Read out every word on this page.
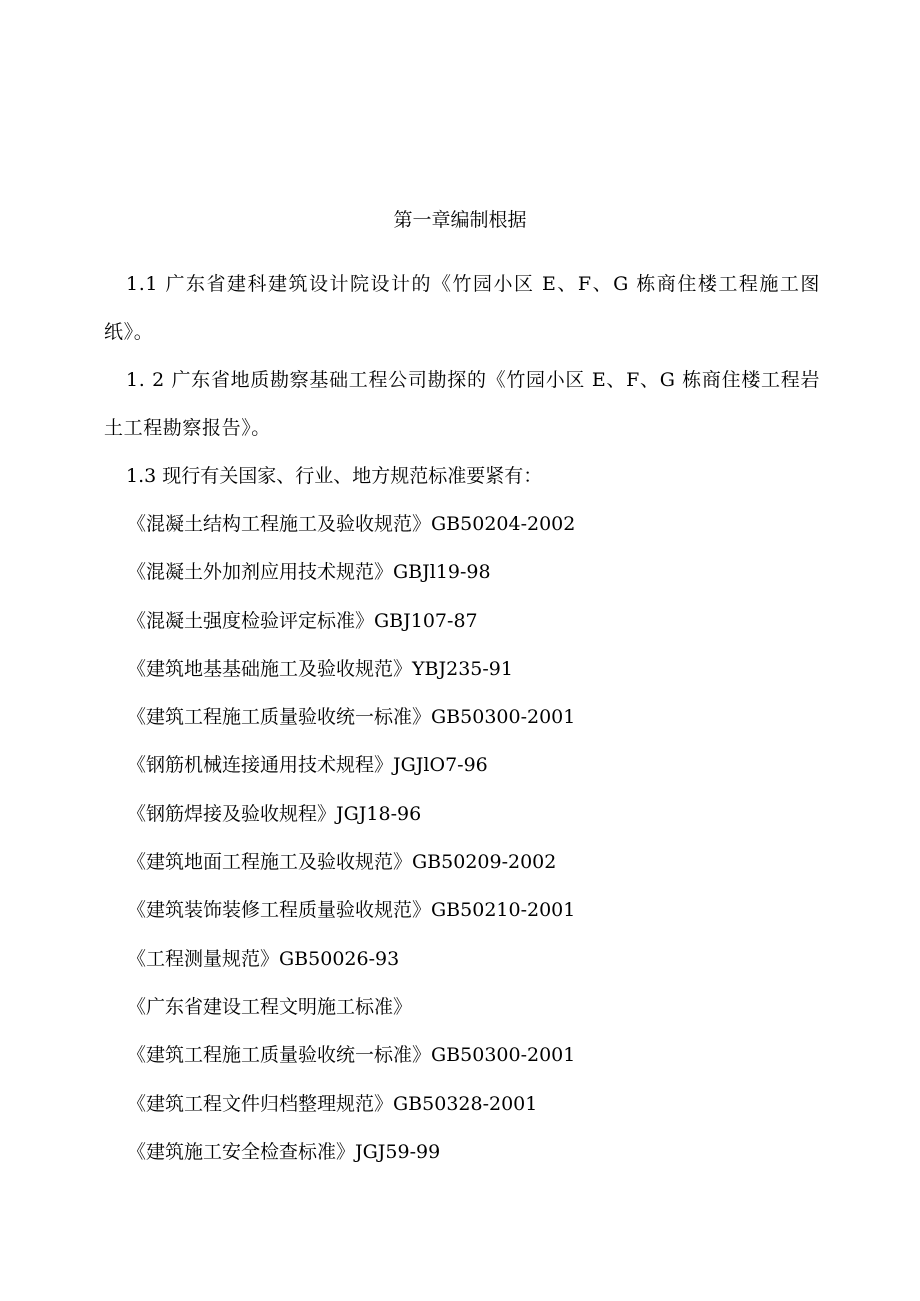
第一章编制根据
1.1 广东省建科建筑设计院设计的《竹园小区 E、F、G 栋商住楼工程施工图纸》。
1. 2 广东省地质勘察基础工程公司勘探的《竹园小区 E、F、G 栋商住楼工程岩土工程勘察报告》。
1.3 现行有关国家、行业、地方规范标准要紧有：
《混凝土结构工程施工及验收规范》GB50204-2002
《混凝土外加剂应用技术规范》GBJl19-98
《混凝土强度检验评定标准》GBJ107-87
《建筑地基基础施工及验收规范》YBJ235-91
《建筑工程施工质量验收统一标准》GB50300-2001
《钢筋机械连接通用技术规程》JGJlO7-96
《钢筋焊接及验收规程》JGJ18-96
《建筑地面工程施工及验收规范》GB50209-2002
《建筑装饰装修工程质量验收规范》GB50210-2001
《工程测量规范》GB50026-93
《广东省建设工程文明施工标准》
《建筑工程施工质量验收统一标准》GB50300-2001
《建筑工程文件归档整理规范》GB50328-2001
《建筑施工安全检查标准》JGJ59-99
